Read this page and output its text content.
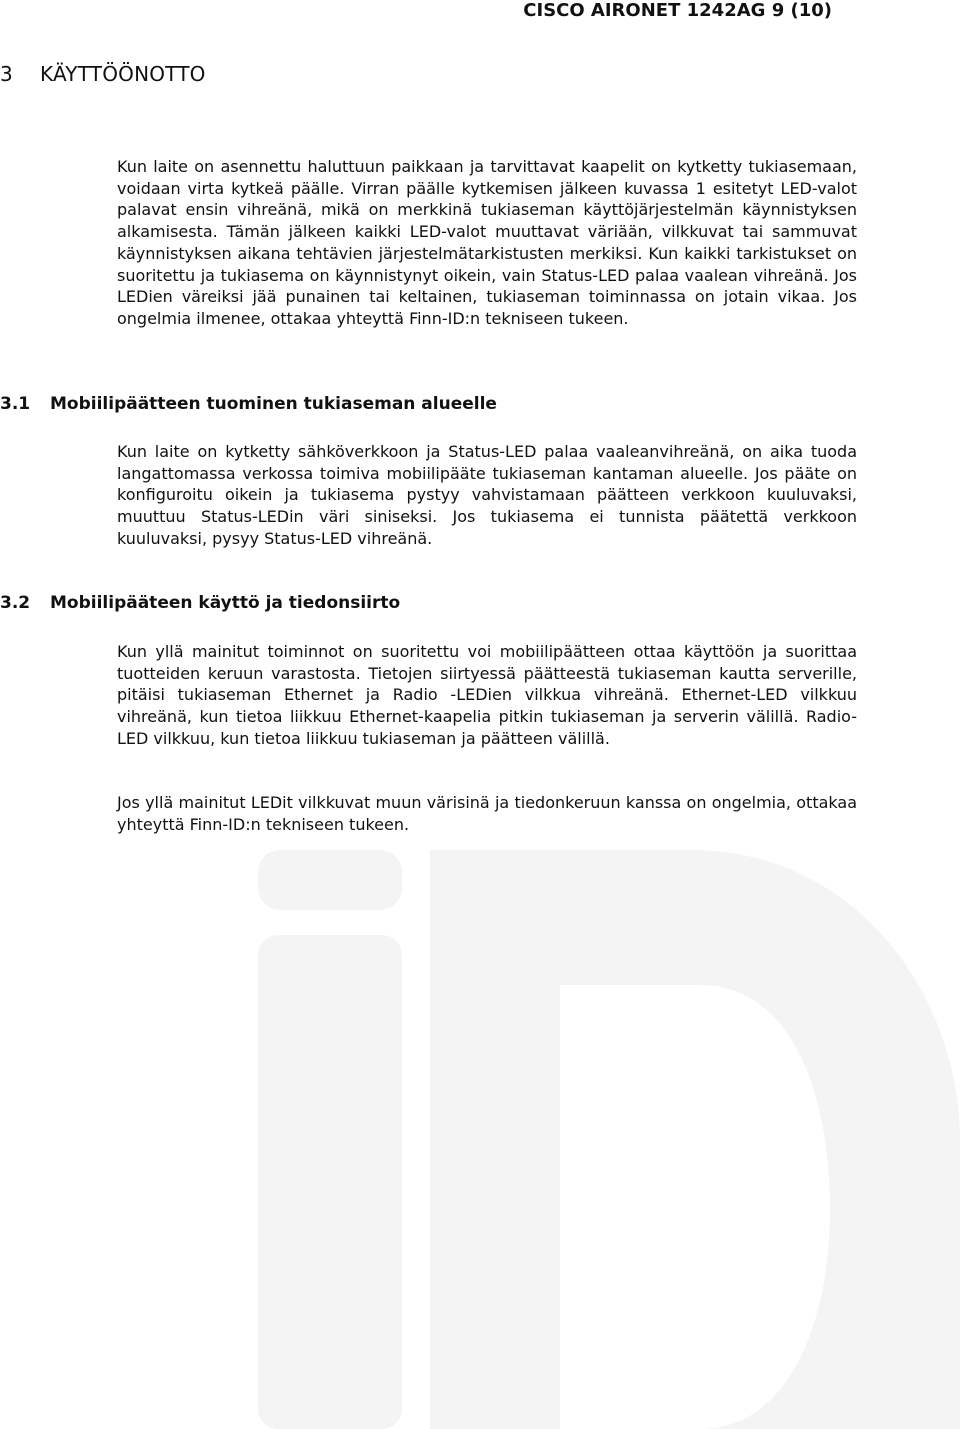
CISCO AIRONET 1242AG 9 (10)
3 KÄYTTÖÖNOTTO

Kun laite on asennettu haluttuun paikkaan ja tarvittavat kaapelit on kytketty tukiasemaan, voidaan virta kytkeä päälle. Virran päälle kytkemisen jälkeen kuvassa 1 esitetyt LED-valot palavat ensin vihreänä, mikä on merkkinä tukiaseman käyttöjärjestelmän käynnistyksen alkamisesta. Tämän jälkeen kaikki LED-valot muuttavat väriään, vilkkuvat tai sammuvat käynnistyksen aikana tehtävien järjestelmätarkistusten merkiksi. Kun kaikki tarkistukset on suoritettu ja tukiasema on käynnistynyt oikein, vain Status-LED palaa vaalean vihreänä. Jos LEDien väreiksi jää punainen tai keltainen, tukiaseman toiminnassa on jotain vikaa. Jos ongelmia ilmenee, ottakaa yhteyttä Finn-ID:n tekniseen tukeen.

3.1 Mobiilipäätteen tuominen tukiaseman alueelle

Kun laite on kytketty sähköverkkoon ja Status-LED palaa vaaleanvihreänä, on aika tuoda langattomassa verkossa toimiva mobiilipääte tukiaseman kantaman alueelle. Jos pääte on konfiguroitu oikein ja tukiasema pystyy vahvistamaan päätteen verkkoon kuuluvaksi, muuttuu Status-LEDin väri siniseksi. Jos tukiasema ei tunnista päätettä verkkoon kuuluvaksi, pysyy Status-LED vihreänä.

3.2 Mobiilipääteen käyttö ja tiedonsiirto

Kun yllä mainitut toiminnot on suoritettu voi mobiilipäätteen ottaa käyttöön ja suorittaa tuotteiden keruun varastosta. Tietojen siirtyessä päätteestä tukiaseman kautta serverille, pitäisi tukiaseman Ethernet ja Radio -LEDien vilkkua vihreänä. Ethernet-LED vilkkuu vihreänä, kun tietoa liikkuu Ethernet-kaapelia pitkin tukiaseman ja serverin välillä. Radio-LED vilkkuu, kun tietoa liikkuu tukiaseman ja päätteen välillä.

Jos yllä mainitut LEDit vilkkuvat muun värisinä ja tiedonkeruun kanssa on ongelmia, ottakaa yhteyttä Finn-ID:n tekniseen tukeen.
